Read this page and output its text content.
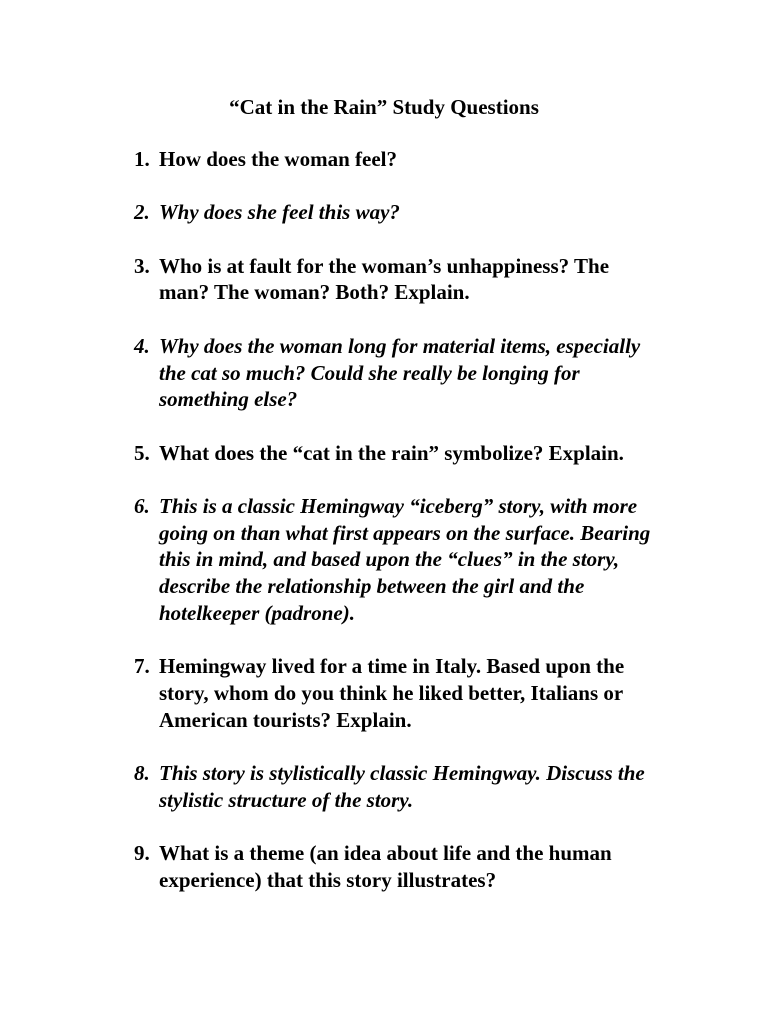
“Cat in the Rain” Study Questions
1. How does the woman feel?
2. Why does she feel this way?
3. Who is at fault for the woman’s unhappiness? The man? The woman? Both? Explain.
4. Why does the woman long for material items, especially the cat so much? Could she really be longing for something else?
5. What does the “cat in the rain” symbolize? Explain.
6. This is a classic Hemingway “iceberg” story, with more going on than what first appears on the surface. Bearing this in mind, and based upon the “clues” in the story, describe the relationship between the girl and the hotelkeeper (padrone).
7. Hemingway lived for a time in Italy. Based upon the story, whom do you think he liked better, Italians or American tourists? Explain.
8. This story is stylistically classic Hemingway. Discuss the stylistic structure of the story.
9. What is a theme (an idea about life and the human experience) that this story illustrates?
